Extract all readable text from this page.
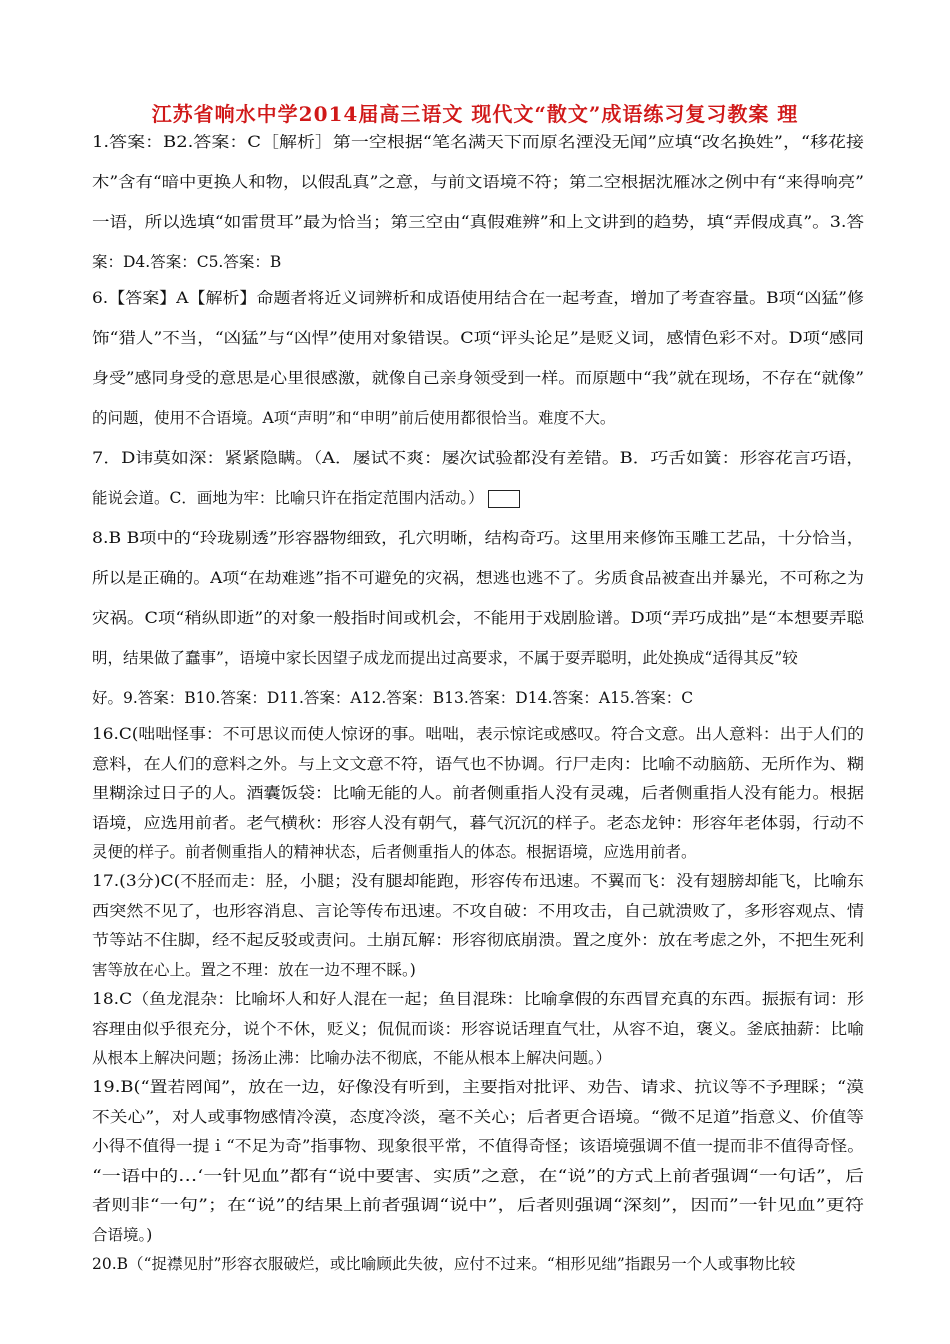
江苏省响水中学2014届高三语文 现代文“散文”成语练习复习教案 理
1.答案：B2.答案：C［解析］第一空根据“笔名满天下而原名湮没无闻”应填“改名换姓”，“移花接
木”含有“暗中更换人和物，以假乱真”之意，与前文语境不符；第二空根据沈雁冰之例中有“来得响亮”
一语，所以选填“如雷贯耳”最为恰当；第三空由“真假难辨”和上文讲到的趋势，填“弄假成真”。3.答
案：D4.答案：C5.答案：B
6.【答案】A【解析】命题者将近义词辨析和成语使用结合在一起考查，增加了考查容量。B项“凶猛”修
饰“猎人”不当，“凶猛”与“凶悍”使用对象错误。C项“评头论足”是贬义词，感情色彩不对。D项“感同
身受”感同身受的意思是心里很感激，就像自己亲身领受到一样。而原题中“我”就在现场，不存在“就像”
的问题，使用不合语境。A项“声明”和“申明”前后使用都很恰当。难度不大。
7．D讳莫如深：紧紧隐瞒。（A．屡试不爽：屡次试验都没有差错。B．巧舌如簧：形容花言巧语，
能说会道。C．画地为牢：比喻只许在指定范围内活动。）
8.B B项中的“玲珑剔透”形容器物细致，孔穴明晰，结构奇巧。这里用来修饰玉雕工艺品，十分恰当，
所以是正确的。A项“在劫难逃”指不可避免的灾祸，想逃也逃不了。劣质食品被查出并暴光，不可称之为
灾祸。C项“稍纵即逝”的对象一般指时间或机会，不能用于戏剧脸谱。D项“弄巧成拙”是“本想要弄聪
明，结果做了蠢事”，语境中家长因望子成龙而提出过高要求，不属于耍弄聪明，此处换成“适得其反”较
好。9.答案：B10.答案：D11.答案：A12.答案：B13.答案：D14.答案：A15.答案：C
16.C(咄咄怪事：不可思议而使人惊讶的事。咄咄，表示惊诧或感叹。符合文意。出人意料：出于人们的
意料，在人们的意料之外。与上文文意不符，语气也不协调。行尸走肉：比喻不动脑筋、无所作为、糊
里糊涂过日子的人。酒囊饭袋：比喻无能的人。前者侧重指人没有灵魂，后者侧重指人没有能力。根据
语境，应选用前者。老气横秋：形容人没有朝气，暮气沉沉的样子。老态龙钟：形容年老体弱，行动不
灵便的样子。前者侧重指人的精神状态，后者侧重指人的体态。根据语境，应选用前者。
17.(3分)C(不胫而走：胫，小腿；没有腿却能跑，形容传布迅速。不翼而飞：没有翅膀却能飞，比喻东
西突然不见了，也形容消息、言论等传布迅速。不攻自破：不用攻击，自己就溃败了，多形容观点、情
节等站不住脚，经不起反驳或责问。土崩瓦解：形容彻底崩溃。置之度外：放在考虑之外，不把生死利
害等放在心上。置之不理：放在一边不理不睬。)
18.C（鱼龙混杂：比喻坏人和好人混在一起；鱼目混珠：比喻拿假的东西冒充真的东西。振振有词：形
容理由似乎很充分，说个不休，贬义；侃侃而谈：形容说话理直气壮，从容不迫，褒义。釜底抽薪：比喻
从根本上解决问题；扬汤止沸：比喻办法不彻底，不能从根本上解决问题。）
19.B(“置若罔闻”，放在一边，好像没有听到，主要指对批评、劝告、请求、抗议等不予理睬；“漠
不关心”，对人或事物感情冷漠，态度冷淡，毫不关心；后者更合语境。“微不足道”指意义、价值等
小得不值得一提ｉ“不足为奇”指事物、现象很平常，不值得奇怪；该语境强调不值一提而非不值得奇怪。
“一语中的…‘一针见血”都有“说中要害、实质”之意，在“说”的方式上前者强调“一句话”，后
者则非“一句”；在“说”的结果上前者强调“说中”，后者则强调“深刻”，因而”一针见血”更符
合语境。)
20.B（“捉襟见肘”形容衣服破烂，或比喻顾此失彼，应付不过来。“相形见绌”指跟另一个人或事物比较
